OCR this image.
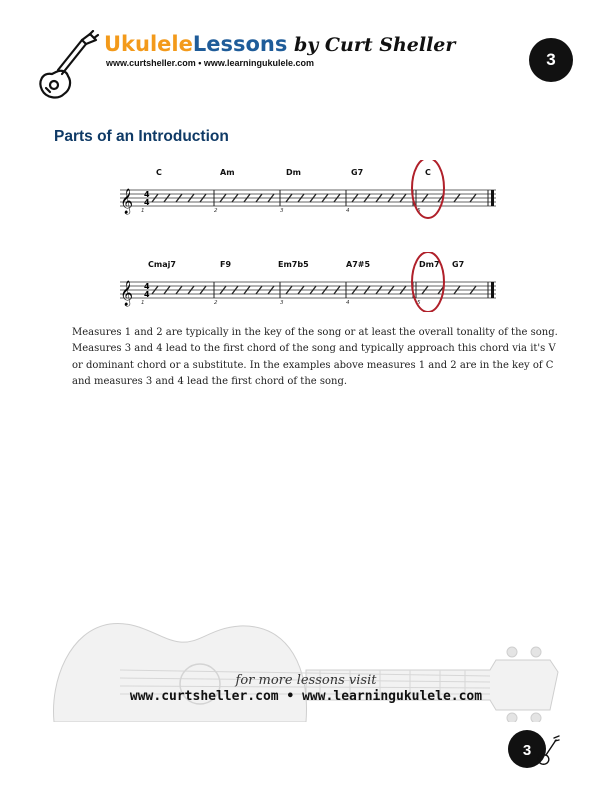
UkuleleLessons by Curt Sheller
www.curtsheller.com • www.learningukulele.com	3
Parts of an Introduction
𝄞 4
4
C	Am	Dm	G7	C
1	2	3	4	5
𝄞 4
4
Cmaj7	F9	Em7b5	A7#5	Dm7 G7
1	2	3	4	5

Measures 1 and 2 are typically in the key of the song or at least the overall tonality of the song. Measures 3 and 4 lead to the first chord of the song and typically approach this chord via it's V or dominant chord or a substitute. In the examples above measures 1 and 2 are in the key of C and measures 3 and 4 lead the first chord of the song.

for more lessons visit
www.curtsheller.com • www.learningukulele.com
3
